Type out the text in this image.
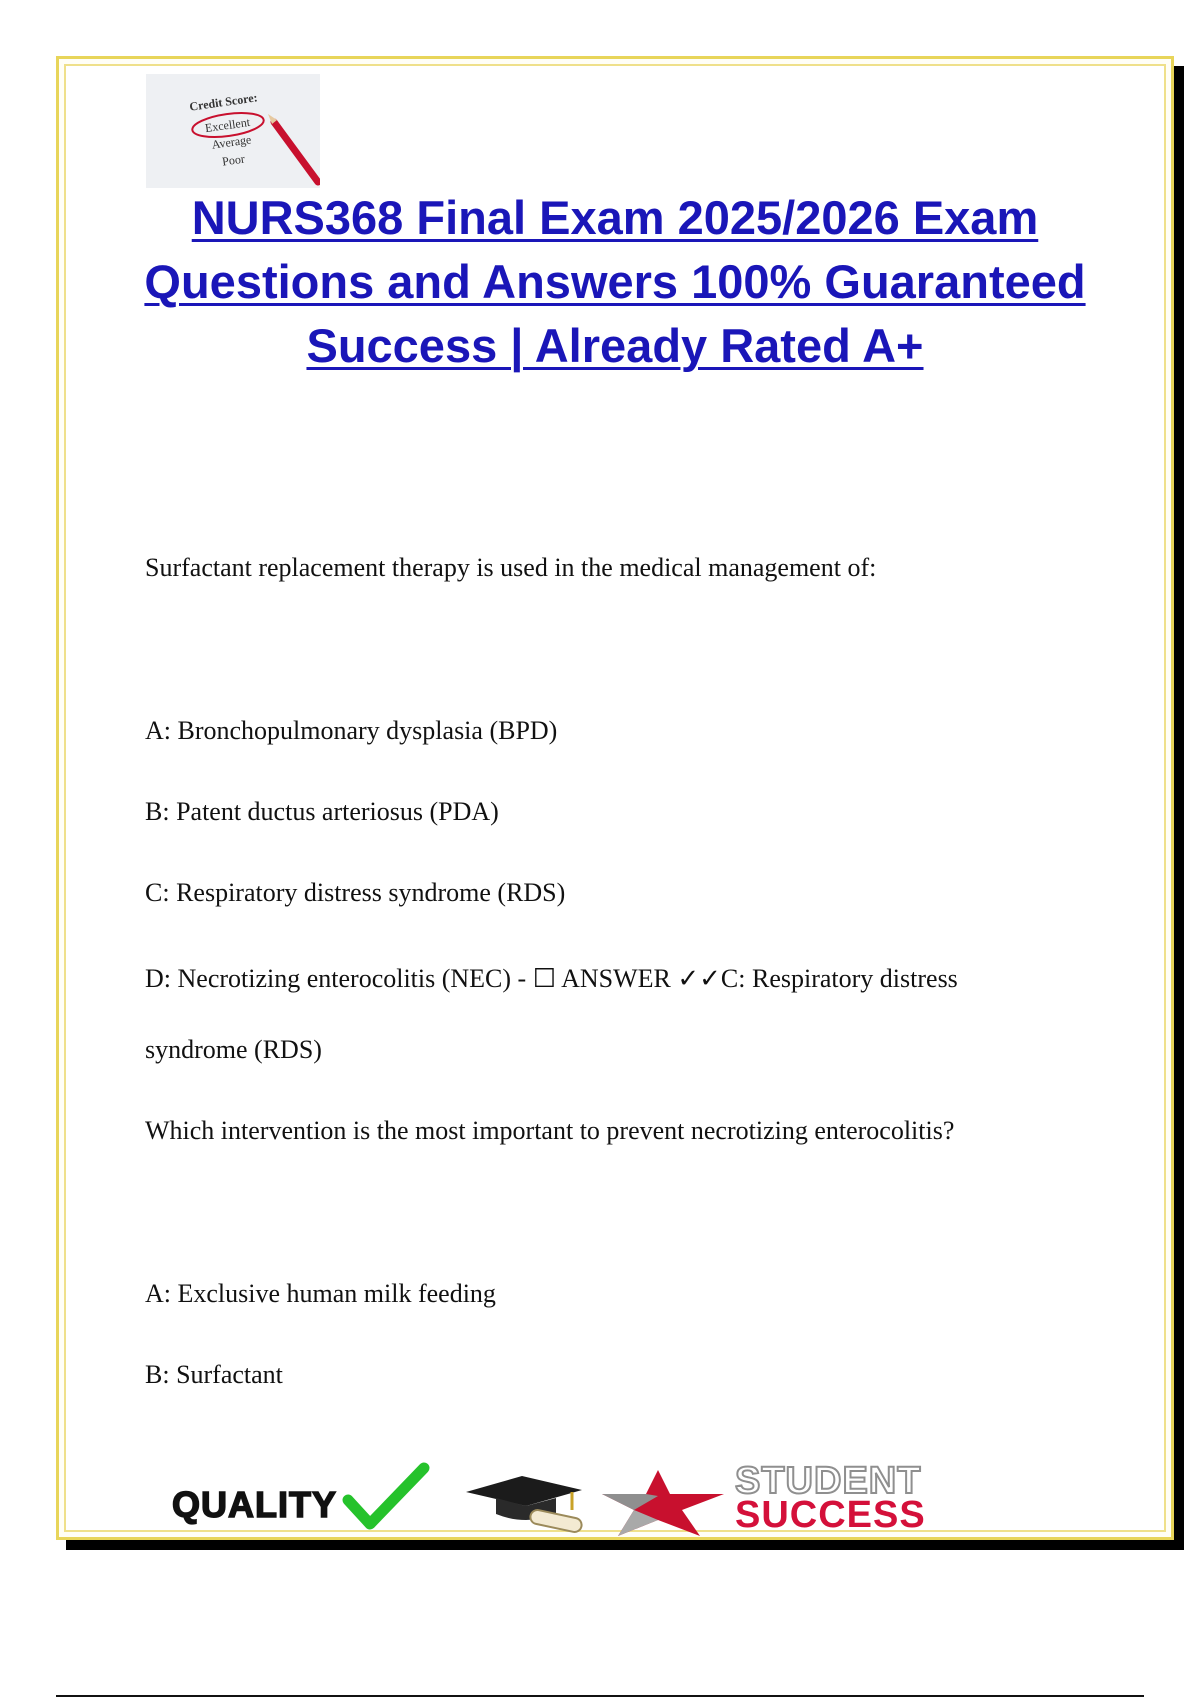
Credit Score:
Excellent
Average
Poor
NURS368 Final Exam 2025/2026 Exam Questions and Answers 100% Guaranteed Success | Already Rated A+

Surfactant replacement therapy is used in the medical management of:

A: Bronchopulmonary dysplasia (BPD)

B: Patent ductus arteriosus (PDA)

C: Respiratory distress syndrome (RDS)

D: Necrotizing enterocolitis (NEC) - ☐ ANSWER ✓✓C: Respiratory distress

syndrome (RDS)

Which intervention is the most important to prevent necrotizing enterocolitis?

A: Exclusive human milk feeding

B: Surfactant

QUALITY
STUDENT
SUCCESS
